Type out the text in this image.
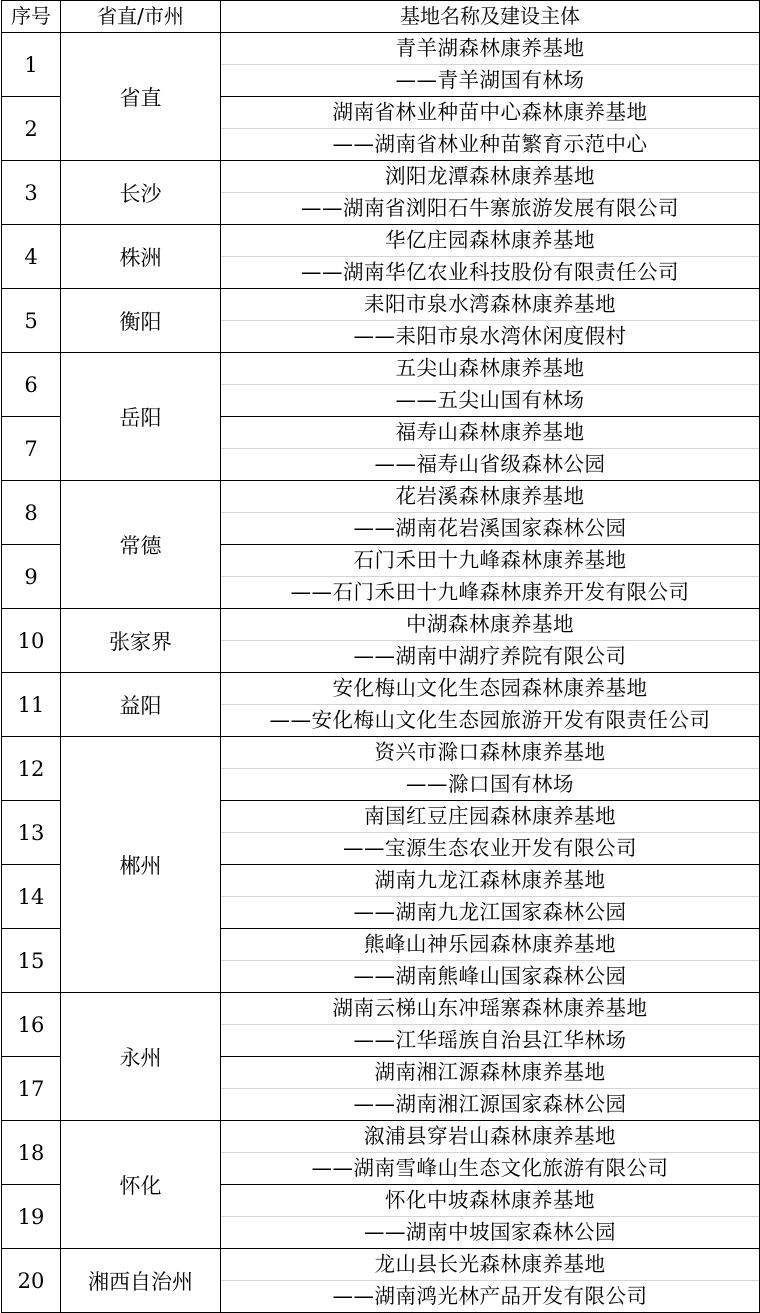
序号	省直/市州	基地名称及建设主体
1	省直	青羊湖森林康养基地
——青羊湖国有林场

2		湖南省林业种苗中心森林康养基地
——湖南省林业种苗繁育示范中心

3	长沙	浏阳龙潭森林康养基地
——湖南省浏阳石牛寨旅游发展有限公司

4	株洲	华亿庄园森林康养基地
——湖南华亿农业科技股份有限责任公司

5	衡阳	耒阳市泉水湾森林康养基地
——耒阳市泉水湾休闲度假村

6	岳阳	五尖山森林康养基地
——五尖山国有林场

7		福寿山森林康养基地
——福寿山省级森林公园

8	常德	花岩溪森林康养基地
——湖南花岩溪国家森林公园

9		石门禾田十九峰森林康养基地
——石门禾田十九峰森林康养开发有限公司

10	张家界	中湖森林康养基地
——湖南中湖疗养院有限公司

11	益阳	安化梅山文化生态园森林康养基地
——安化梅山文化生态园旅游开发有限责任公司

12	郴州	资兴市滁口森林康养基地
——滁口国有林场

13		南国红豆庄园森林康养基地
——宝源生态农业开发有限公司

14		湖南九龙江森林康养基地
——湖南九龙江国家森林公园

15		熊峰山神乐园森林康养基地
——湖南熊峰山国家森林公园

16	永州	湖南云梯山东冲瑶寨森林康养基地
——江华瑶族自治县江华林场

17		湖南湘江源森林康养基地
——湖南湘江源国家森林公园

18	怀化	溆浦县穿岩山森林康养基地
——湖南雪峰山生态文化旅游有限公司

19		怀化中坡森林康养基地
——湖南中坡国家森林公园

20	湘西自治州	龙山县长光森林康养基地
——湖南鸿光林产品开发有限公司
